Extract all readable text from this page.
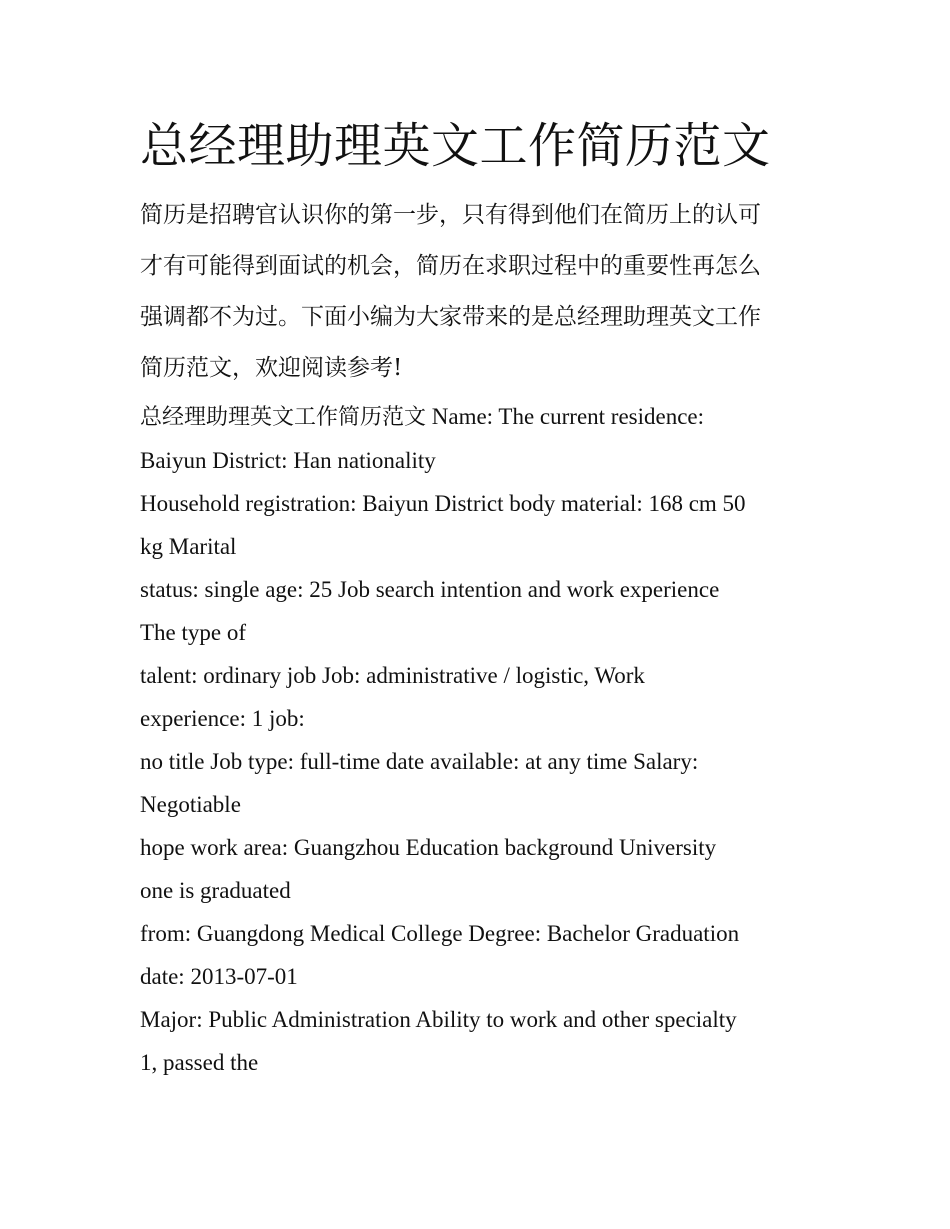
总经理助理英文工作简历范文
简历是招聘官认识你的第一步，只有得到他们在简历上的认可
才有可能得到面试的机会，简历在求职过程中的重要性再怎么
强调都不为过。下面小编为大家带来的是总经理助理英文工作
简历范文，欢迎阅读参考!
总经理助理英文工作简历范文 Name: The current residence:
Baiyun District: Han nationality
Household registration: Baiyun District body material: 168 cm 50
kg Marital
status: single age: 25 Job search intention and work experience
The type of
talent: ordinary job Job: administrative / logistic, Work
experience: 1 job:
no title Job type: full-time date available: at any time Salary:
Negotiable
hope work area: Guangzhou Education background University
one is graduated
from: Guangdong Medical College Degree: Bachelor Graduation
date: 2013-07-01
Major: Public Administration Ability to work and other specialty
1, passed the
